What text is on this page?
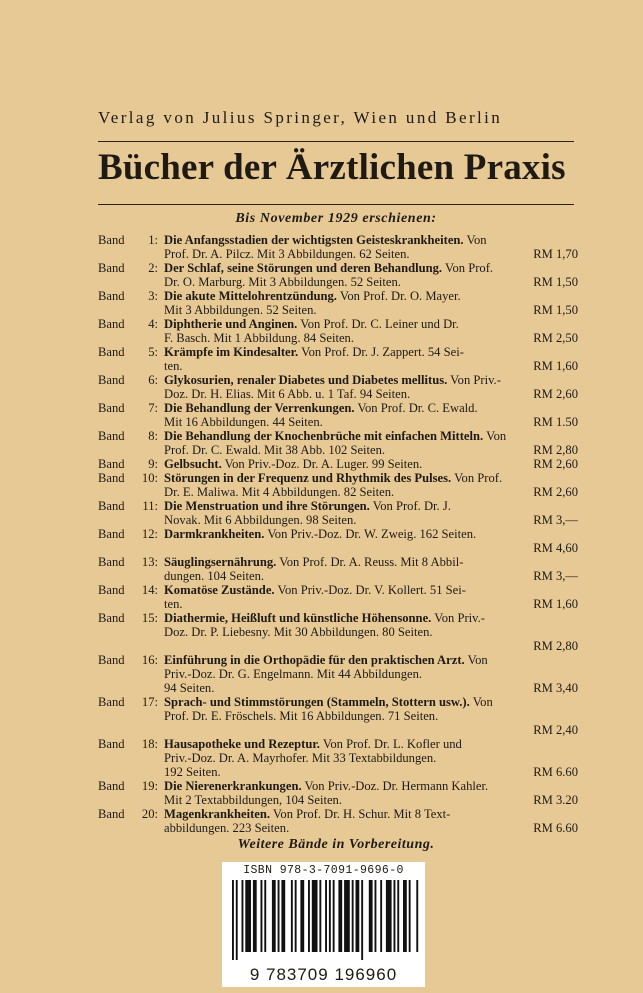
Verlag von Julius Springer, Wien und Berlin
Bücher der Ärztlichen Praxis
Bis November 1929 erschienen:
Band 1: Die Anfangsstadien der wichtigsten Geisteskrankheiten. Von
Prof. Dr. A. Pilcz. Mit 3 Abbildungen. 62 Seiten.	RM 1,70
Band 2: Der Schlaf, seine Störungen und deren Behandlung. Von Prof.
Dr. O. Marburg. Mit 3 Abbildungen. 52 Seiten.	RM 1,50
Band 3: Die akute Mittelohrentzündung. Von Prof. Dr. O. Mayer.
Mit 3 Abbildungen. 52 Seiten.	RM 1,50
Band 4: Diphtherie und Anginen. Von Prof. Dr. C. Leiner und Dr.
F. Basch. Mit 1 Abbildung. 84 Seiten.	RM 2,50
Band 5: Krämpfe im Kindesalter. Von Prof. Dr. J. Zappert. 54 Sei-
ten.	RM 1,60
Band 6: Glykosurien, renaler Diabetes und Diabetes mellitus. Von Priv.-
Doz. Dr. H. Elias. Mit 6 Abb. u. 1 Taf. 94 Seiten.	RM 2,60
Band 7: Die Behandlung der Verrenkungen. Von Prof. Dr. C. Ewald.
Mit 16 Abbildungen. 44 Seiten.	RM 1.50
Band 8: Die Behandlung der Knochenbrüche mit einfachen Mitteln. Von
Prof. Dr. C. Ewald. Mit 38 Abb. 102 Seiten.	RM 2,80
Band 9: Gelbsucht. Von Priv.-Doz. Dr. A. Luger. 99 Seiten.	RM 2,60
Band 10: Störungen in der Frequenz und Rhythmik des Pulses. Von Prof.
Dr. E. Maliwa. Mit 4 Abbildungen. 82 Seiten.	RM 2,60
Band 11: Die Menstruation und ihre Störungen. Von Prof. Dr. J.
Novak. Mit 6 Abbildungen. 98 Seiten.	RM 3,—
Band 12: Darmkrankheiten. Von Priv.-Doz. Dr. W. Zweig. 162 Seiten.
RM 4,60
Band 13: Säuglingsernährung. Von Prof. Dr. A. Reuss. Mit 8 Abbil-
dungen. 104 Seiten.	RM 3,—
Band 14: Komatöse Zustände. Von Priv.-Doz. Dr. V. Kollert. 51 Sei-
ten.	RM 1,60
Band 15: Diathermie, Heißluft und künstliche Höhensonne. Von Priv.-
Doz. Dr. P. Liebesny. Mit 30 Abbildungen. 80 Seiten.
RM 2,80
Band 16: Einführung in die Orthopädie für den praktischen Arzt. Von
Priv.-Doz. Dr. G. Engelmann. Mit 44 Abbildungen.
94 Seiten.	RM 3,40
Band 17: Sprach- und Stimmstörungen (Stammeln, Stottern usw.). Von
Prof. Dr. E. Fröschels. Mit 16 Abbildungen. 71 Seiten.
RM 2,40
Band 18: Hausapotheke und Rezeptur. Von Prof. Dr. L. Kofler und
Priv.-Doz. Dr. A. Mayrhofer. Mit 33 Textabbildungen.
192 Seiten.	RM 6.60
Band 19: Die Nierenerkrankungen. Von Priv.-Doz. Dr. Hermann Kahler.
Mit 2 Textabbildungen, 104 Seiten.	RM 3.20
Band 20: Magenkrankheiten. Von Prof. Dr. H. Schur. Mit 8 Text-
abbildungen. 223 Seiten.	RM 6.60
Weitere Bände in Vorbereitung.
ISBN 978-3-7091-9696-0
9 783709 196960
